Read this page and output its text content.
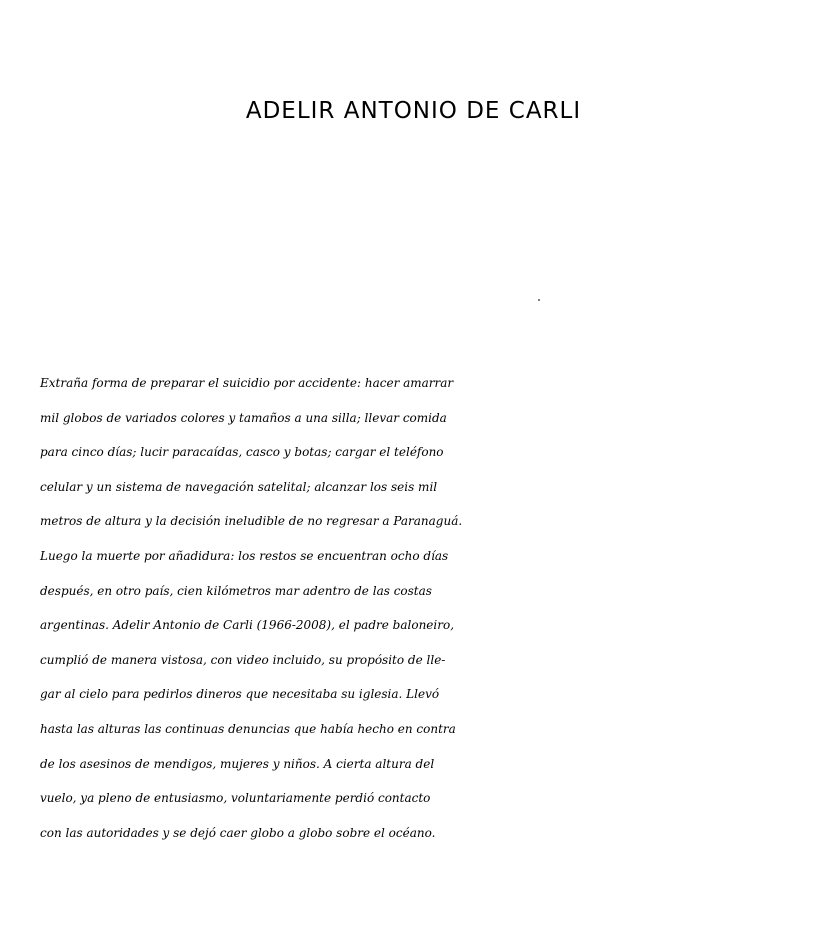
ADELIR ANTONIO DE CARLI
Extraña forma de preparar el suicidio por accidente: hacer amarrar
mil globos de variados colores y tamaños a una silla; llevar comida
para cinco días; lucir paracaídas, casco y botas; cargar el teléfono
celular y un sistema de navegación satelital; alcanzar los seis mil
metros de altura y la decisión ineludible de no regresar a Paranaguá.
Luego la muerte por añadidura: los restos se encuentran ocho días
después, en otro país, cien kilómetros mar adentro de las costas
argentinas. Adelir Antonio de Carli (1966-2008), el padre baloneiro,
cumplió de manera vistosa, con video incluido, su propósito de lle-
gar al cielo para pedirlos dineros que necesitaba su iglesia. Llevó
hasta las alturas las continuas denuncias que había hecho en contra
de los asesinos de mendigos, mujeres y niños. A cierta altura del
vuelo, ya pleno de entusiasmo, voluntariamente perdió contacto
con las autoridades y se dejó caer globo a globo sobre el océano.
